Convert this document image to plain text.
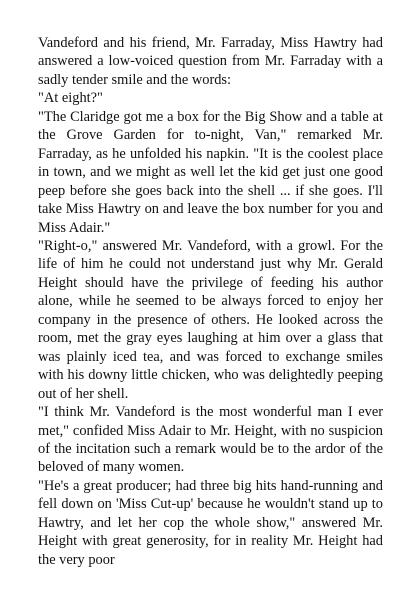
Vandeford and his friend, Mr. Farraday, Miss Hawtry had answered a low-voiced question from Mr. Farraday with a sadly tender smile and the words:

"At eight?"

"The Claridge got me a box for the Big Show and a table at the Grove Garden for to-night, Van," remarked Mr. Farraday, as he unfolded his napkin. "It is the coolest place in town, and we might as well let the kid get just one good peep before she goes back into the shell ... if she goes. I'll take Miss Hawtry on and leave the box number for you and Miss Adair."

"Right-o," answered Mr. Vandeford, with a growl. For the life of him he could not understand just why Mr. Gerald Height should have the privilege of feeding his author alone, while he seemed to be always forced to enjoy her company in the presence of others. He looked across the room, met the gray eyes laughing at him over a glass that was plainly iced tea, and was forced to exchange smiles with his downy little chicken, who was delightedly peeping out of her shell.

"I think Mr. Vandeford is the most wonderful man I ever met," confided Miss Adair to Mr. Height, with no suspicion of the incitation such a remark would be to the ardor of the beloved of many women.

"He's a great producer; had three big hits hand-running and fell down on 'Miss Cut-up' because he wouldn't stand up to Hawtry, and let her cop the whole show," answered Mr. Height with great generosity, for in reality Mr. Height had the very poor
